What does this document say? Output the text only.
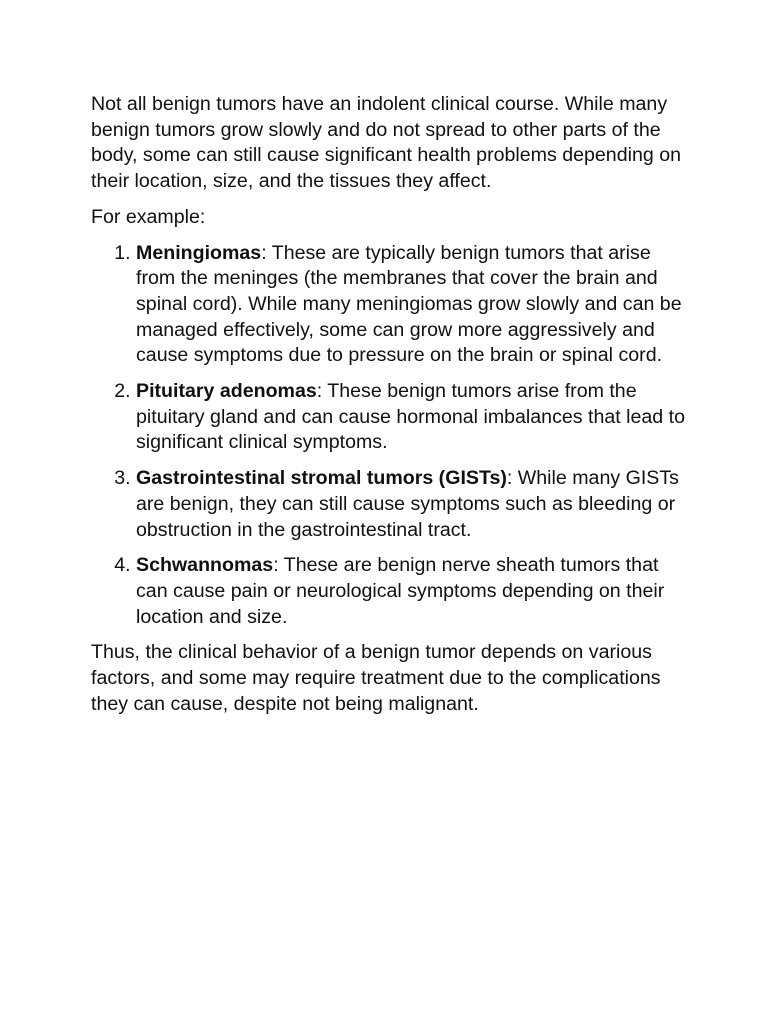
Not all benign tumors have an indolent clinical course. While many benign tumors grow slowly and do not spread to other parts of the body, some can still cause significant health problems depending on their location, size, and the tissues they affect.

For example:

1. Meningiomas: These are typically benign tumors that arise from the meninges (the membranes that cover the brain and spinal cord). While many meningiomas grow slowly and can be managed effectively, some can grow more aggressively and cause symptoms due to pressure on the brain or spinal cord.
2. Pituitary adenomas: These benign tumors arise from the pituitary gland and can cause hormonal imbalances that lead to significant clinical symptoms.
3. Gastrointestinal stromal tumors (GISTs): While many GISTs are benign, they can still cause symptoms such as bleeding or obstruction in the gastrointestinal tract.
4. Schwannomas: These are benign nerve sheath tumors that can cause pain or neurological symptoms depending on their location and size.

Thus, the clinical behavior of a benign tumor depends on various factors, and some may require treatment due to the complications they can cause, despite not being malignant.
